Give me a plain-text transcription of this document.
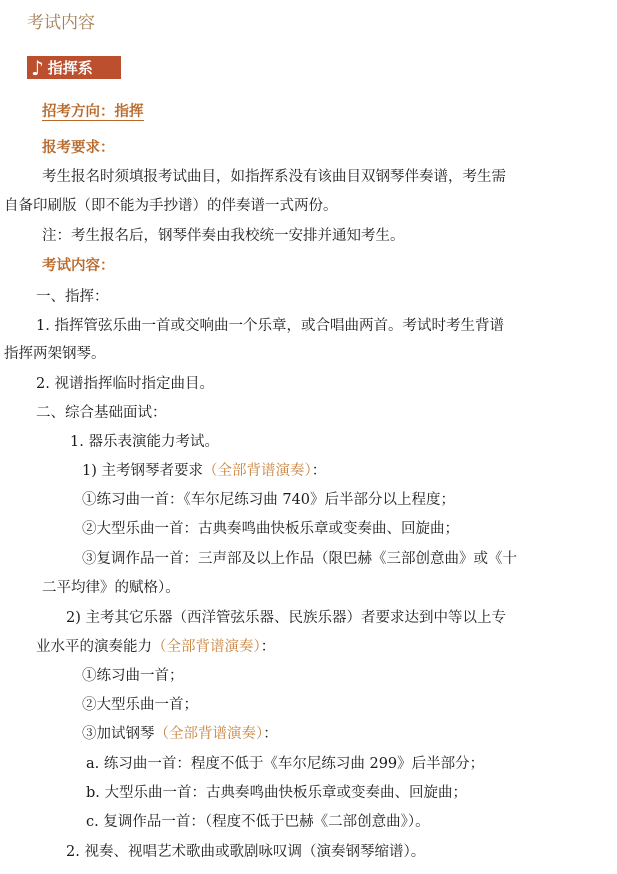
考试内容
♪ 指挥系
招考方向：指挥
报考要求：
考生报名时须填报考试曲目，如指挥系没有该曲目双钢琴伴奏谱，考生需
自备印刷版（即不能为手抄谱）的伴奏谱一式两份。
注：考生报名后，钢琴伴奏由我校统一安排并通知考生。
考试内容：
一、指挥：
1. 指挥管弦乐曲一首或交响曲一个乐章，或合唱曲两首。考试时考生背谱
指挥两架钢琴。
2. 视谱指挥临时指定曲目。
二、综合基础面试：
1. 器乐表演能力考试。
1) 主考钢琴者要求（全部背谱演奏）：
①练习曲一首：《车尔尼练习曲 740》后半部分以上程度；
②大型乐曲一首：古典奏鸣曲快板乐章或变奏曲、回旋曲；
③复调作品一首：三声部及以上作品（限巴赫《三部创意曲》或《十
二平均律》的赋格）。
2) 主考其它乐器（西洋管弦乐器、民族乐器）者要求达到中等以上专
业水平的演奏能力（全部背谱演奏）：
①练习曲一首；
②大型乐曲一首；
③加试钢琴（全部背谱演奏）：
a. 练习曲一首：程度不低于《车尔尼练习曲 299》后半部分；
b. 大型乐曲一首：古典奏鸣曲快板乐章或变奏曲、回旋曲；
c. 复调作品一首：（程度不低于巴赫《二部创意曲》）。
2. 视奏、视唱艺术歌曲或歌剧咏叹调（演奏钢琴缩谱）。
